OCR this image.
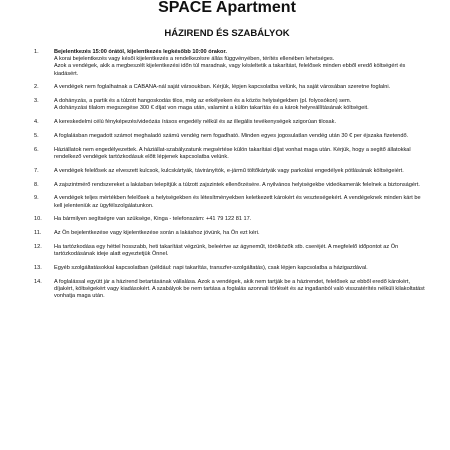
SPACE Apartment
HÁZIREND ÉS SZABÁLYOK
1.	Bejelentkezés 15:00 órától, kijelentkezés legkésőbb 10:00 órakor.

A korai bejelentkezés vagy késői kijelentkezés a rendelkezésre állás függvényében, térítés ellenében lehetséges.

Azok a vendégek, akik a megbeszélt kijelentkezési időn túl maradnak, vagy késleltetik a takarítást, felelősek minden ebből eredő költségért és kiadásért.

2.	A vendégek nem foglalhatnak a CABANA-nál saját vársoukban. Kérjük, lépjen kapcsolatba velünk, ha saját városában szeretne foglalni.

3.	A dohányzás, a partik és a túlzott hangoskodás tilos, még az erkélyeken és a közös helyiségekben (pl. folyosókon) sem.

A dohányzási tilalom megszegése 300 € díjat von maga után, valamint a külön takarítás és a károk helyreállításának költségeit.

4.	A kereskedelmi célú fényképezés/videózás írásos engedély nélkül és az illegális tevékenységek szigorúan tilosak.

5.	A foglalásban megadott számot meghaladó számú vendég nem fogadható. Minden egyes jogosulatlan vendég után 30 € per éjszaka fizetendő.

6.	Háziállatok nem engedélyezettek. A háziállat-szabályzatunk megsértése külön takarítási díjat vonhat maga után. Kérjük, hogy a segítő állatokkal rendelkező vendégek tartózkodásuk előtt lépjenek kapcsolatba velünk.

7.	A vendégek felelősek az elveszett kulcsok, kulcskártyák, távirányítók, e-jármű töltőkártyák vagy parkolási engedélyek pótlásának költségeiért.

8.	A zajszintmérő rendszereket a lakásban telepítjük a túlzott zajszintek ellenőrzésére. A nyilvános helyiségekbe videókamerák felelnek a biztonságért.

9.	A vendégek teljes mértékben felelősek a helyiségekben és létesítményekben keletkezett károkért és veszteségekért. A vendégeknek minden kárt be kell jelenteniük az ügyfélszolgálatunkon.

10.	Ha bármilyen segítségre van szüksége, Kinga - telefonszám: +41 79 122 81 17.

11.	Az Ön bejelentkezése vagy kijelentkezése során a lakáshoz jövünk, ha Ön ezt kéri.

12.	Ha tartózkodása egy héttel hosszabb, heti takarítást végzünk, beleértve az ágyneműt, törölközők stb. cseréjét. A megfelelő időpontot az Ön tartózkodásának ideje alatt egyeztetjük Önnel.

13.	Egyéb szolgáltatásokkal kapcsolatban (például: napi takarítás, transzfer-szolgáltatás), csak lépjen kapcsolatba a házigazdával.

14.	A foglalással együtt jár a házirend betartásának vállalása. Azok a vendégek, akik nem tartják be a házirendet, felelősek az ebből eredő károkért, díjakért, költségekért vagy kiadásokért. A szabályok be nem tartása a foglalás azonnali törlését és az ingatlanból való visszatérítés nélküli kilakoltatást vonhatja maga után.
